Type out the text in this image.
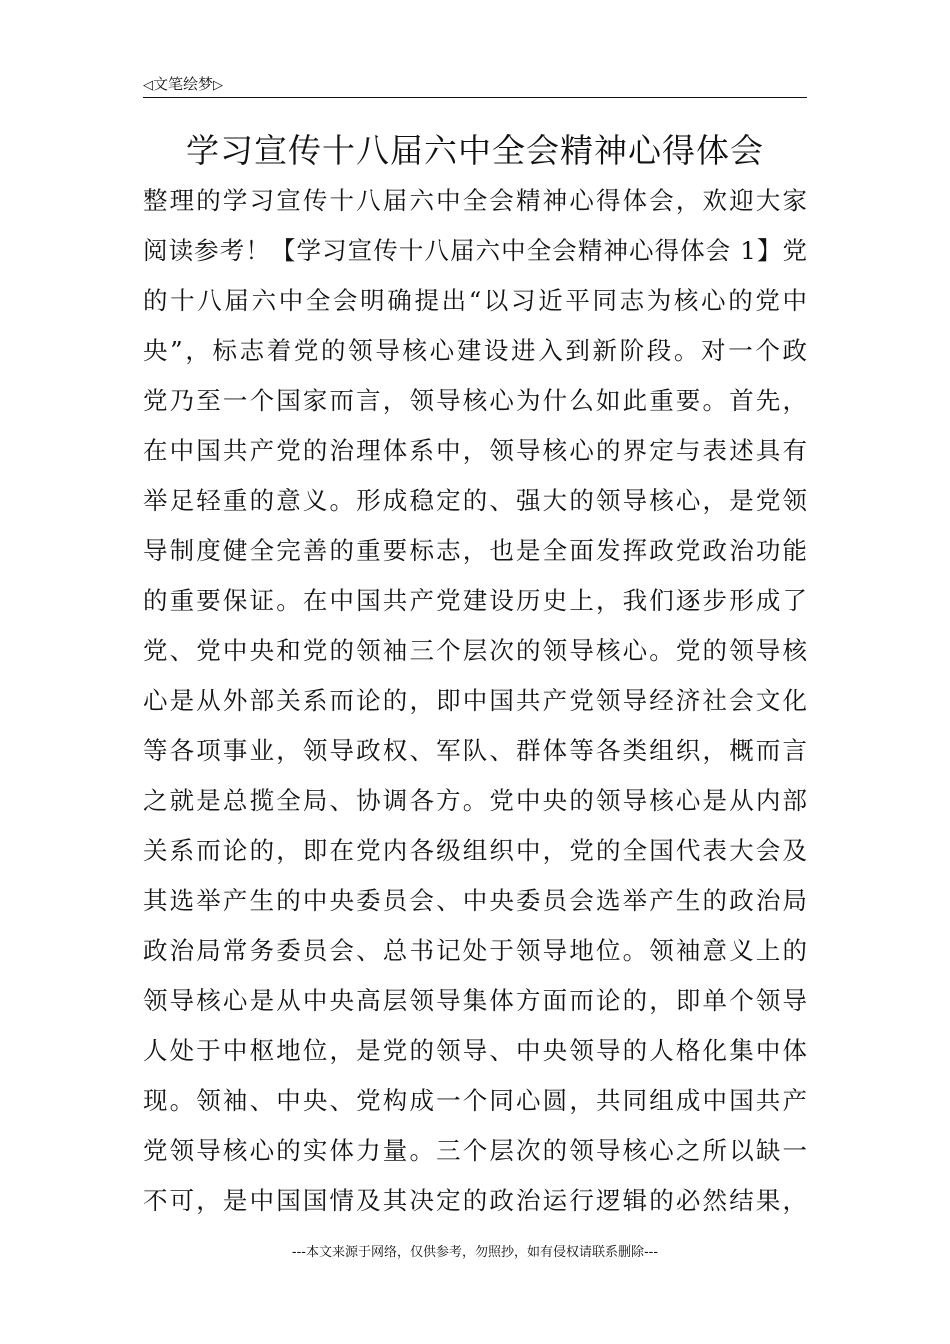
◁文笔绘梦▷
学习宣传十八届六中全会精神心得体会
整理的学习宣传十八届六中全会精神心得体会，欢迎大家
阅读参考！【学习宣传十八届六中全会精神心得体会 1】党
的十八届六中全会明确提出“以习近平同志为核心的党中
央”，标志着党的领导核心建设进入到新阶段。对一个政
党乃至一个国家而言，领导核心为什么如此重要。首先，
在中国共产党的治理体系中，领导核心的界定与表述具有
举足轻重的意义。形成稳定的、强大的领导核心，是党领
导制度健全完善的重要标志，也是全面发挥政党政治功能
的重要保证。在中国共产党建设历史上，我们逐步形成了
党、党中央和党的领袖三个层次的领导核心。党的领导核
心是从外部关系而论的，即中国共产党领导经济社会文化
等各项事业，领导政权、军队、群体等各类组织，概而言
之就是总揽全局、协调各方。党中央的领导核心是从内部
关系而论的，即在党内各级组织中，党的全国代表大会及
其选举产生的中央委员会、中央委员会选举产生的政治局
政治局常务委员会、总书记处于领导地位。领袖意义上的
领导核心是从中央高层领导集体方面而论的，即单个领导
人处于中枢地位，是党的领导、中央领导的人格化集中体
现。领袖、中央、党构成一个同心圆，共同组成中国共产
党领导核心的实体力量。三个层次的领导核心之所以缺一
不可，是中国国情及其决定的政治运行逻辑的必然结果，
---本文来源于网络，仅供参考，勿照抄，如有侵权请联系删除---
